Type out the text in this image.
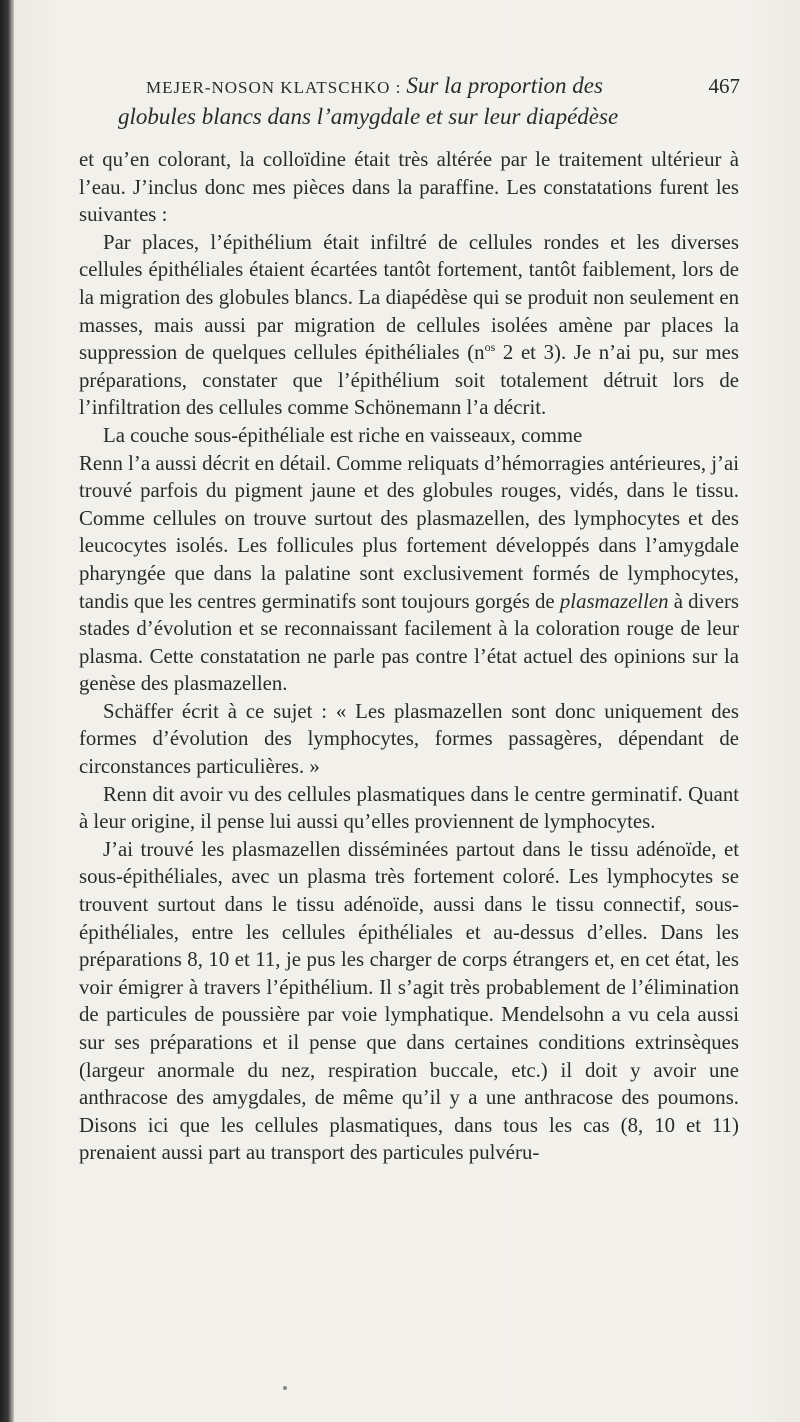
MEJER-NOSON KLATSCHKO : Sur la proportion des	467
globules blancs dans l’amygdale et sur leur diapédèse

et qu’en colorant, la colloïdine était très altérée par le traitement ultérieur à l’eau. J’inclus donc mes pièces dans la paraffine. Les constatations furent les suivantes :

Par places, l’épithélium était infiltré de cellules rondes et les diverses cellules épithéliales étaient écartées tantôt fortement, tantôt faiblement, lors de la migration des globules blancs. La diapédèse qui se produit non seulement en masses, mais aussi par migration de cellules isolées amène par places la suppression de quelques cellules épithéliales ($n^{os}$ 2 et 3). Je n’ai pu, sur mes préparations, constater que l’épithélium soit totalement détruit lors de l’infiltration des cellules comme Schönemann l’a décrit.

La couche sous-épithéliale est riche en vaisseaux, comme
Renn l’a aussi décrit en détail. Comme reliquats d’hémorragies antérieures, j’ai trouvé parfois du pigment jaune et des globules rouges, vidés, dans le tissu. Comme cellules on trouve surtout des plasmazellen, des lymphocytes et des leucocytes isolés. Les follicules plus fortement développés dans l’amygdale pharyngée que dans la palatine sont exclusivement formés de lymphocytes, tandis que les centres germinatifs sont toujours gorgés de plasmazellen à divers stades d’évolution et se reconnaissant facilement à la coloration rouge de leur plasma. Cette constatation ne parle pas contre l’état actuel des opinions sur la genèse des plasmazellen.

Schäffer écrit à ce sujet : « Les plasmazellen sont donc uniquement des formes d’évolution des lymphocytes, formes passagères, dépendant de circonstances particulières. »

Renn dit avoir vu des cellules plasmatiques dans le centre germinatif. Quant à leur origine, il pense lui aussi qu’elles proviennent de lymphocytes.

J’ai trouvé les plasmazellen disséminées partout dans le tissu adénoïde, et sous-épithéliales, avec un plasma très fortement coloré. Les lymphocytes se trouvent surtout dans le tissu adénoïde, aussi dans le tissu connectif, sous-épithéliales, entre les cellules épithéliales et au-dessus d’elles. Dans les préparations 8, 10 et 11, je pus les charger de corps étrangers et, en cet état, les voir émigrer à travers l’épithélium. Il s’agit très probablement de l’élimination de particules de poussière par voie lymphatique. Mendelsohn a vu cela aussi sur ses préparations et il pense que dans certaines conditions extrinsèques (largeur anormale du nez, respiration buccale, etc.) il doit y avoir une anthracose des amygdales, de même qu’il y a une anthracose des poumons. Disons ici que les cellules plasmatiques, dans tous les cas (8, 10 et 11) prenaient aussi part au transport des particules pulvéru-
